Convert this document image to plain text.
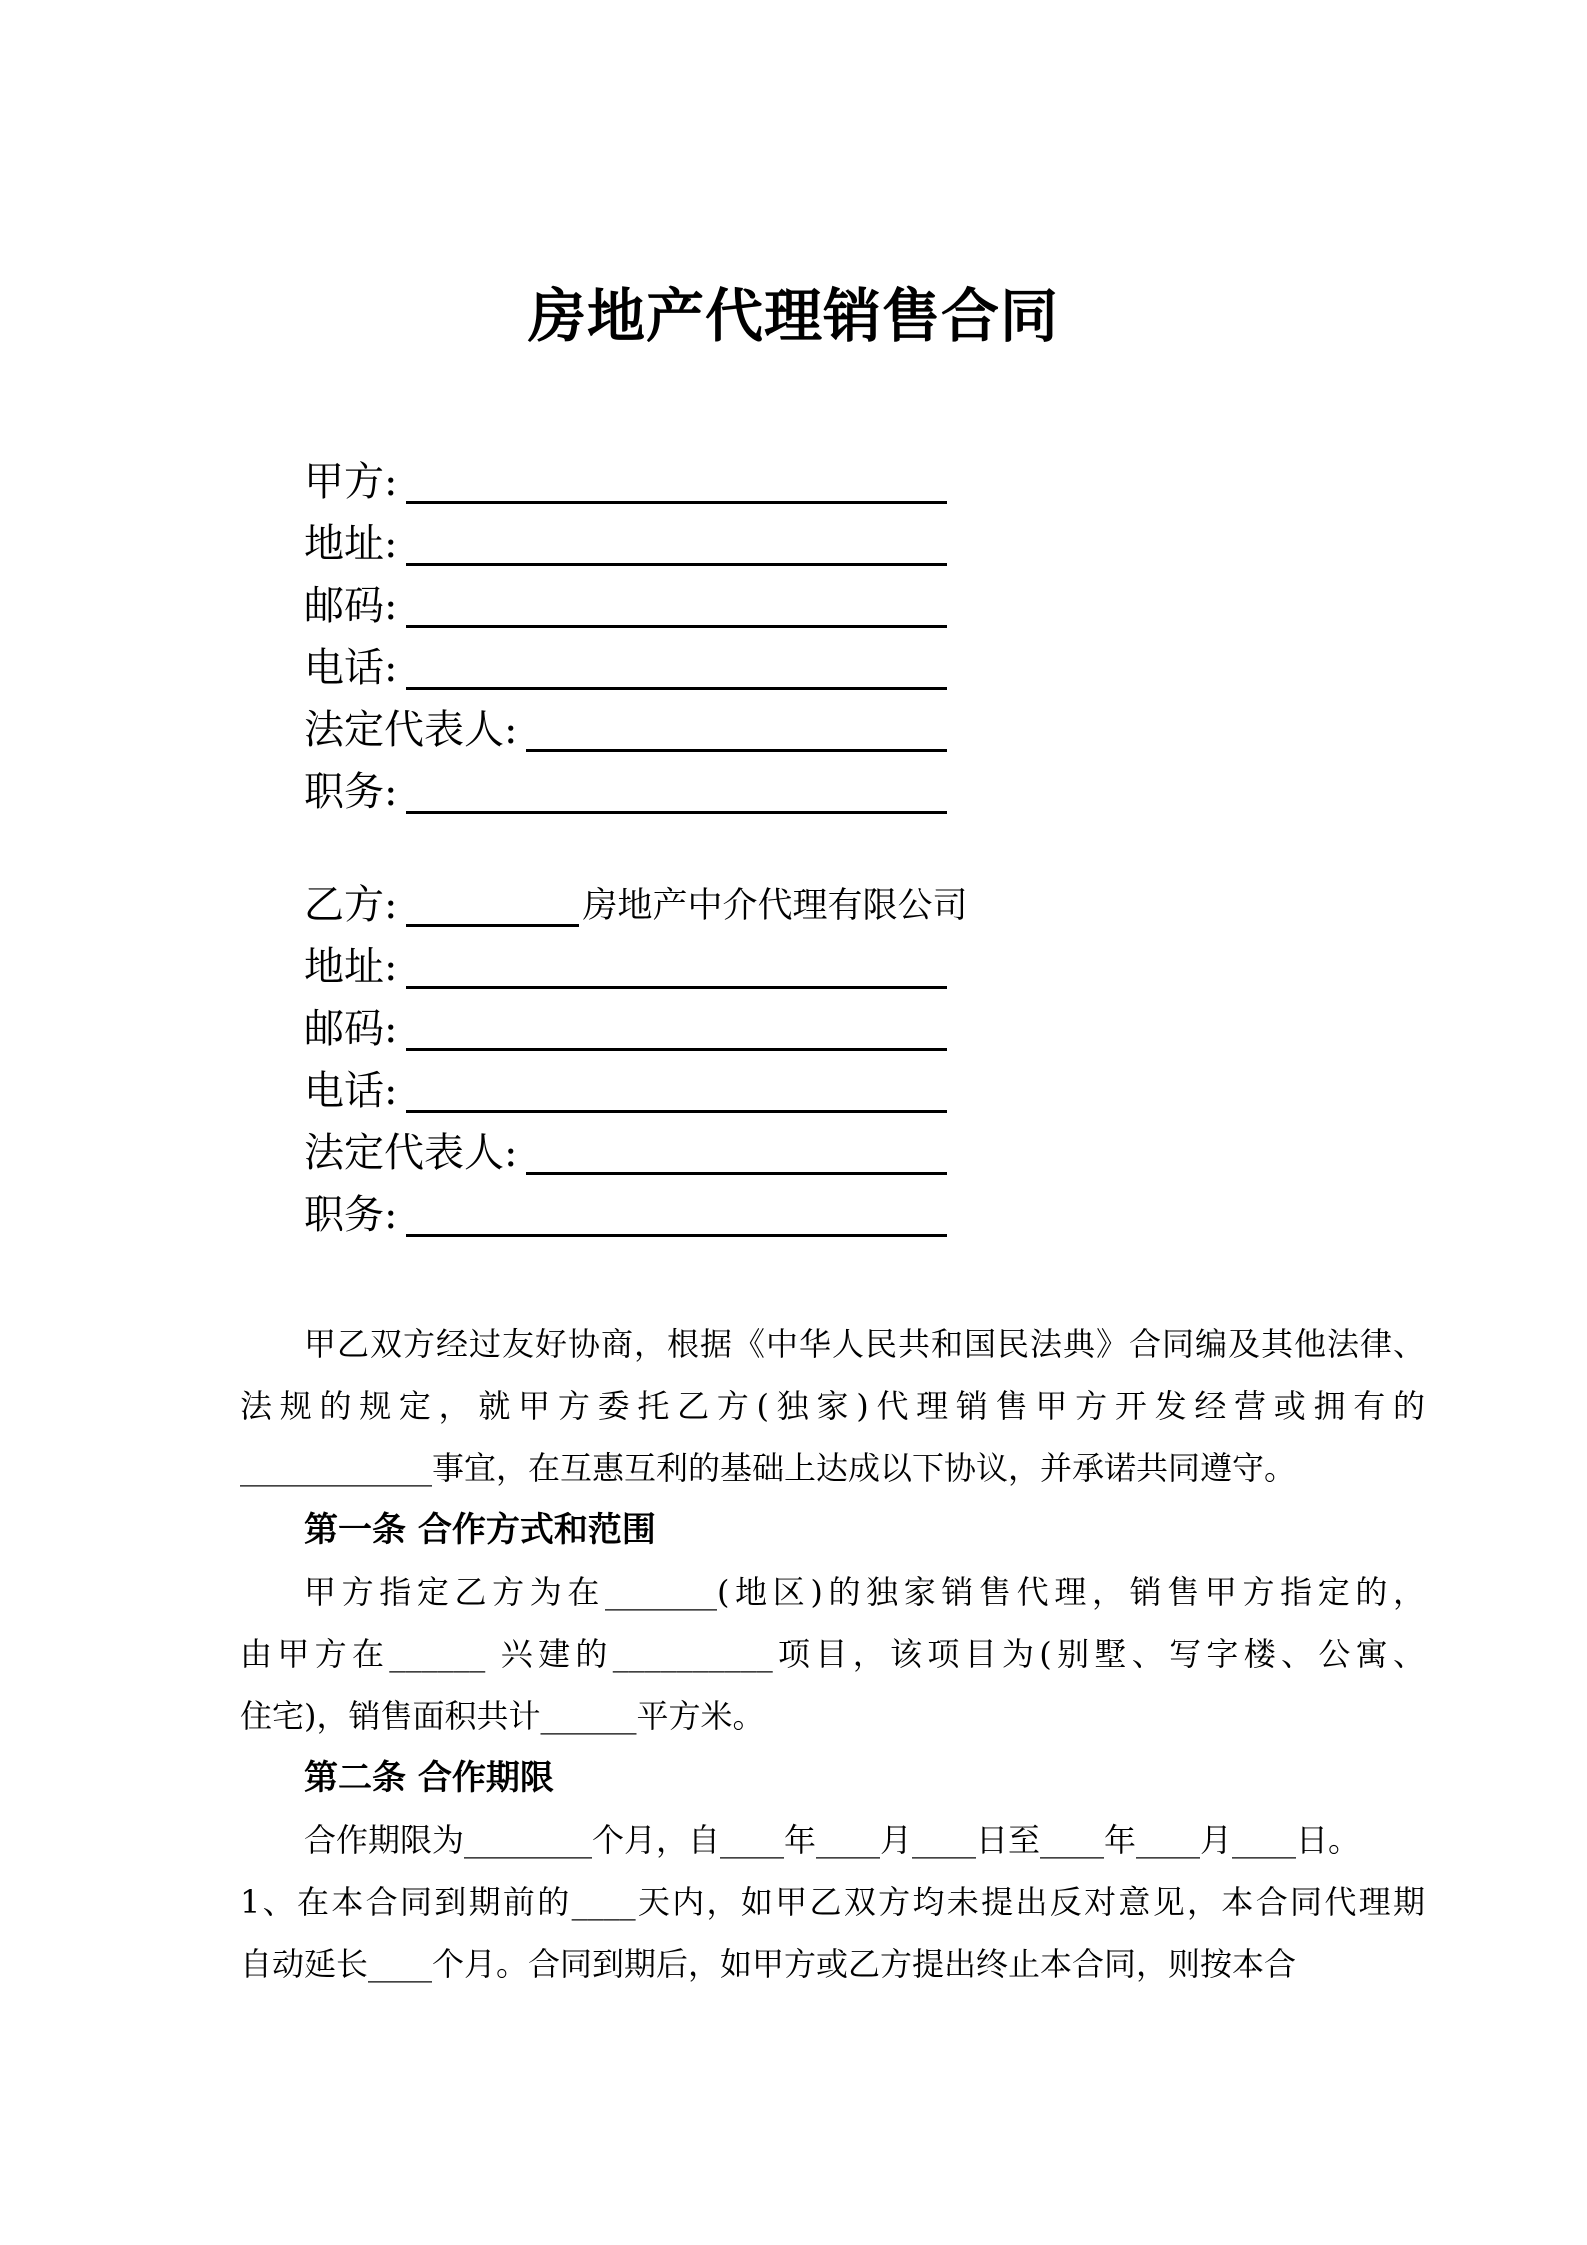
房地产代理销售合同
甲方:
地址:
邮码:
电话:
法定代表人:
职务:
乙方:	房地产中介代理有限公司
地址:
邮码:
电话:
法定代表人:
职务:
甲乙双方经过友好协商，根据《中华人民共和国民法典》合同编及其他法律、
法规的规定，就甲方委托乙方(独家)代理销售甲方开发经营或拥有的
____________事宜，在互惠互利的基础上达成以下协议，并承诺共同遵守。
第一条 合作方式和范围
甲方指定乙方为在_______(地区)的独家销售代理，销售甲方指定的，
由甲方在______ 兴建的__________项目，该项目为(别墅、写字楼、公寓、
住宅)，销售面积共计______平方米。
第二条 合作期限
合作期限为________个月，自____年____月____日至____年____月____日。
1、在本合同到期前的____天内，如甲乙双方均未提出反对意见，本合同代理期
自动延长____个月。合同到期后，如甲方或乙方提出终止本合同，则按本合
